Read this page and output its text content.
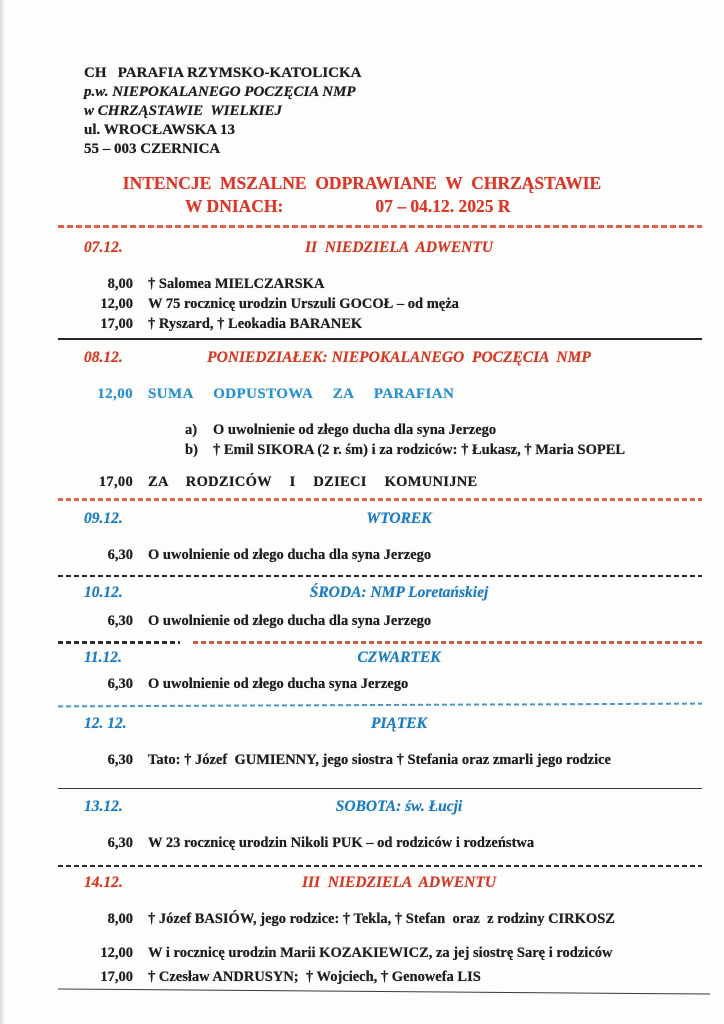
CH   PARAFIA RZYMSKO-KATOLICKA
p.w. NIEPOKALANEGO POCZĘCIA NMP
w CHRZĄSTAWIE  WIELKIEJ
ul. WROCŁAWSKA 13
55 – 003 CZERNICA
INTENCJE  MSZALNE  ODPRAWIANE  W  CHRZĄSTAWIE
W DNIACH:	07 – 04.12. 2025 R
07.12.	II  NIEDZIELA  ADWENTU
8,00 † Salomea MIELCZARSKA
12,00 W 75 rocznicę urodzin Urszuli GOCOŁ – od męża
17,00 † Ryszard, † Leokadia BARANEK
08.12.	PONIEDZIAŁEK: NIEPOKALANEGO  POCZĘCIA  NMP
12,00 SUMA  ODPUSTOWA  ZA  PARAFIAN
a)	O uwolnienie od złego ducha dla syna Jerzego
b)	† Emil SIKORA (2 r. śm) i za rodziców: † Łukasz, † Maria SOPEL
17,00 ZA  RODZICÓW  I  DZIECI  KOMUNIJNE
09.12.	WTOREK
6,30 O uwolnienie od złego ducha dla syna Jerzego
10.12.	ŚRODA: NMP Loretańskiej
6,30 O uwolnienie od złego ducha dla syna Jerzego
11.12.	CZWARTEK
6,30 O uwolnienie od złego ducha syna Jerzego
12. 12.	PIĄTEK
6,30 Tato: † Józef  GUMIENNY, jego siostra † Stefania oraz zmarli jego rodzice
13.12.	SOBOTA: św. Łucji
6,30 W 23 rocznicę urodzin Nikoli PUK – od rodziców i rodzeństwa
14.12.	III  NIEDZIELA  ADWENTU
8,00 † Józef BASIÓW, jego rodzice: † Tekla, † Stefan  oraz  z rodziny CIRKOSZ
12,00 W i rocznicę urodzin Marii KOZAKIEWICZ, za jej siostrę Sarę i rodziców
17,00 † Czesław ANDRUSYN;  † Wojciech, † Genowefa LIS
